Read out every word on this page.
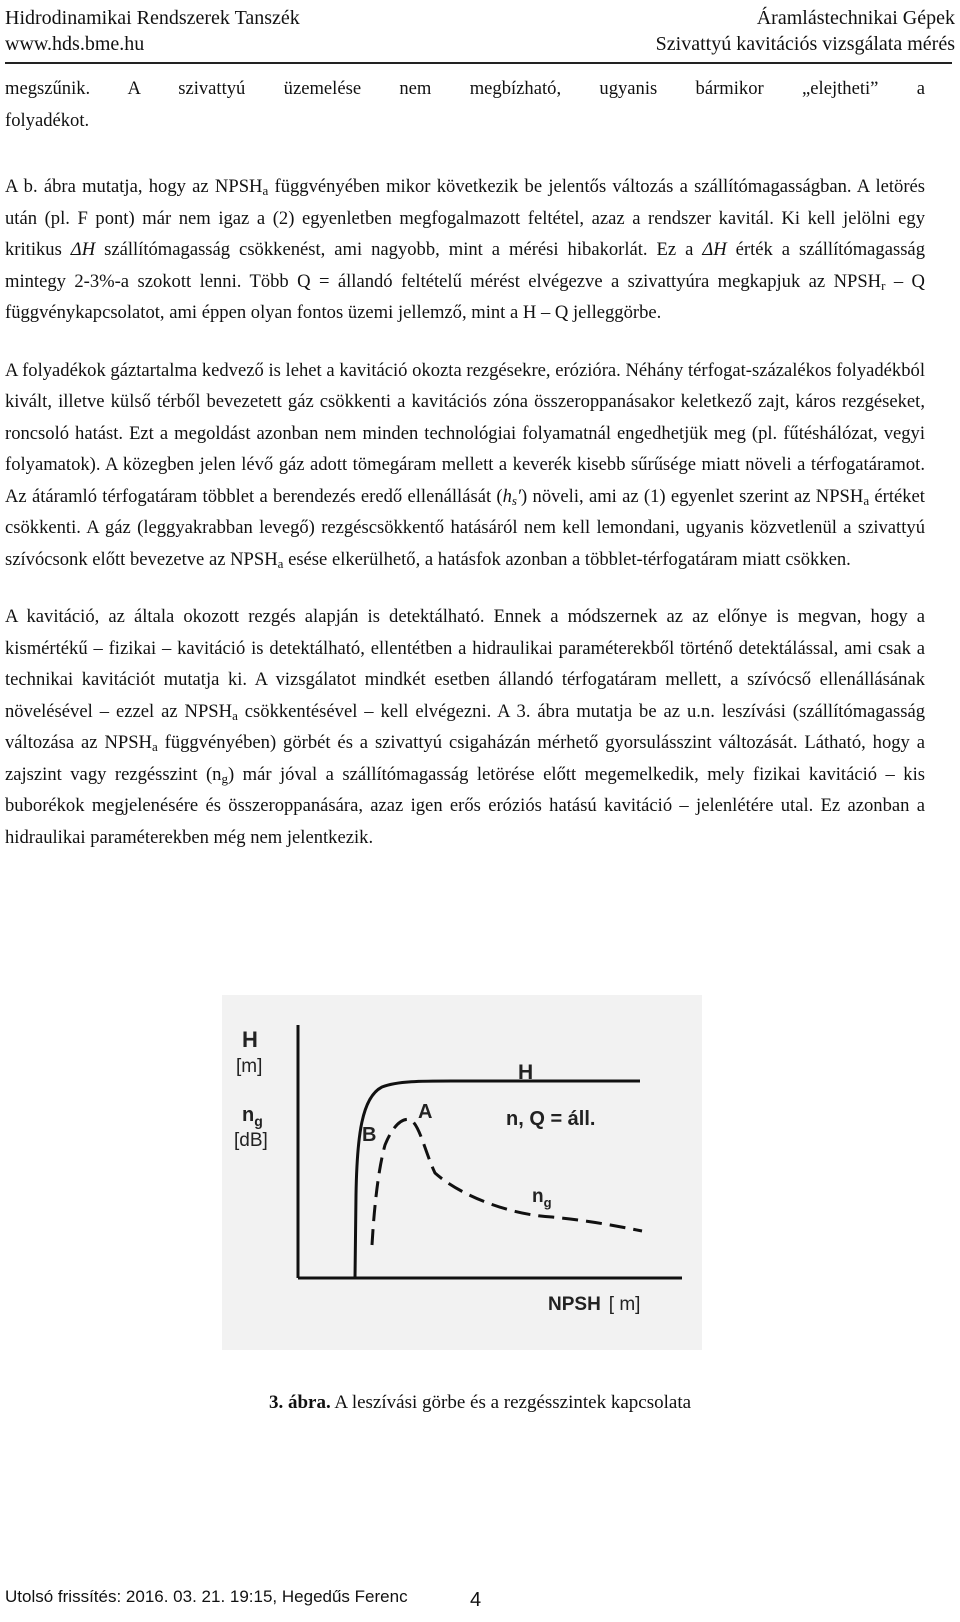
Hidrodinamikai Rendszerek Tanszék	Áramlástechnikai Gépek
www.hds.bme.hu	Szivattyú kavitációs vizsgálata mérés
megszűnik. A szivattyú üzemelése nem megbízható, ugyanis bármikor „elejtheti” a
folyadékot.

A b. ábra mutatja, hogy az $NPSH_a$ függvényében mikor következik be jelentős változás a szállítómagasságban. A letörés után (pl. F pont) már nem igaz a (2) egyenletben megfogalmazott feltétel, azaz a rendszer kavitál. Ki kell jelölni egy kritikus ΔH szállítómagasság csökkenést, ami nagyobb, mint a mérési hibakorlát. Ez a ΔH érték a szállítómagasság mintegy 2-3%-a szokott lenni. Több Q = állandó feltételű mérést elvégezve a szivattyúra megkapjuk az $NPSH_r$ – Q függvénykapcsolatot, ami éppen olyan fontos üzemi jellemző, mint a H – Q jelleggörbe.

A folyadékok gáztartalma kedvező is lehet a kavitáció okozta rezgésekre, erózióra. Néhány térfogat-százalékos folyadékból kivált, illetve külső térből bevezetett gáz csökkenti a kavitációs zóna összeroppanásakor keletkező zajt, káros rezgéseket, roncsoló hatást. Ezt a megoldást azonban nem minden technológiai folyamatnál engedhetjük meg (pl. fűtéshálózat, vegyi folyamatok). A közegben jelen lévő gáz adott tömegáram mellett a keverék kisebb sűrűsége miatt növeli a térfogatáramot. Az átáramló térfogatáram többlet a berendezés eredő ellenállását $(h_s')$ növeli, ami az (1) egyenlet szerint az $NPSH_a$ értéket csökkenti. A gáz (leggyakrabban levegő) rezgéscsökkentő hatásáról nem kell lemondani, ugyanis közvetlenül a szivattyú szívócsonk előtt bevezetve az $NPSH_a$ esése elkerülhető, a hatásfok azonban a többlet-térfogatáram miatt csökken.

A kavitáció, az általa okozott rezgés alapján is detektálható. Ennek a módszernek az az előnye is megvan, hogy a kismértékű – fizikai – kavitáció is detektálható, ellentétben a hidraulikai paraméterekből történő detektálással, ami csak a technikai kavitációt mutatja ki. A vizsgálatot mindkét esetben állandó térfogatáram mellett, a szívócső ellenállásának növelésével – ezzel az $NPSH_a$ csökkentésével – kell elvégezni. A 3. ábra mutatja be az u.n. leszívási (szállítómagasság változása az $NPSH_a$ függvényében) görbét és a szivattyú csigaházán mérhető gyorsulásszint változását. Látható, hogy a zajszint vagy rezgésszint $(n_g)$ már jóval a szállítómagasság letörése előtt megemelkedik, mely fizikai kavitáció – kis buborékok megjelenésére és összeroppanására, azaz igen erős eróziós hatású kavitáció – jelenlétére utal. Ez azonban a hidraulikai paraméterekben még nem jelentkezik.

H
[m]
$n_g$
[dB]
H
A
B
n, Q = áll.
$n_g$
NPSH [ m]
3. ábra. A leszívási görbe és a rezgésszintek kapcsolata
Utolsó frissítés: 2016. 03. 21. 19:15, Hegedűs Ferenc	4
